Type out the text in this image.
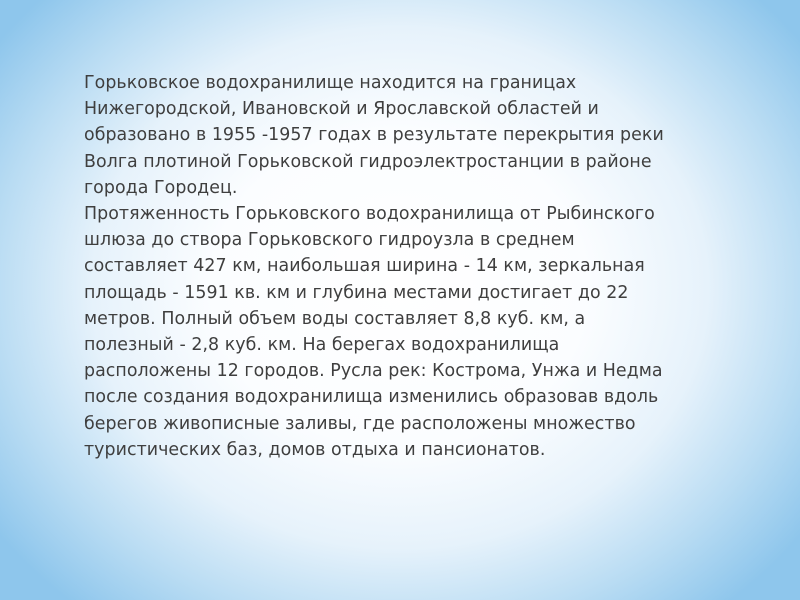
Горьковское водохранилище находится на границах
Нижегородской, Ивановской и Ярославской областей и
образовано в 1955 -1957 годах в результате перекрытия реки
Волга плотиной Горьковской гидроэлектростанции в районе
города Городец.
Протяженность Горьковского водохранилища от Рыбинского
шлюза до створа Горьковского гидроузла в среднем
составляет 427 км, наибольшая ширина - 14 км, зеркальная
площадь - 1591 кв. км и глубина местами достигает до 22
метров. Полный объем воды составляет 8,8 куб. км, а
полезный - 2,8 куб. км. На берегах водохранилища
расположены 12 городов. Русла рек: Кострома, Унжа и Недма
после создания водохранилища изменились образовав вдоль
берегов живописные заливы, где расположены множество
туристических баз, домов отдыха и пансионатов.
